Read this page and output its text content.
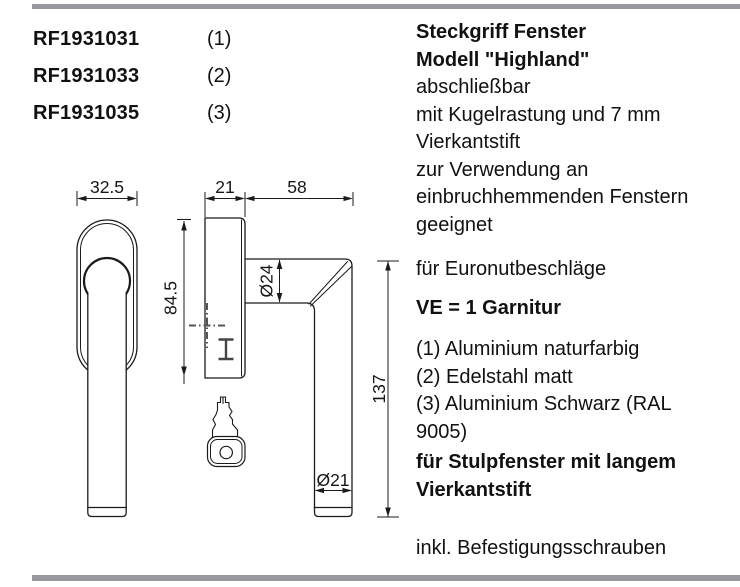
RF1931031	(1)
RF1931033	(2)
RF1931035	(3)
Steckgriff Fenster
Modell "Highland"
abschließbar
mit Kugelrastung und 7 mm
Vierkantstift
zur Verwendung an
einbruchhemmenden Fenstern
geeignet
für Euronutbeschläge
VE = 1 Garnitur
(1) Aluminium naturfarbig
(2) Edelstahl matt
(3) Aluminium Schwarz (RAL
9005)
für Stulpfenster mit langem
Vierkantstift
inkl. Befestigungsschrauben
32.5	21	58
84.5	Ø24
Ø21
137
